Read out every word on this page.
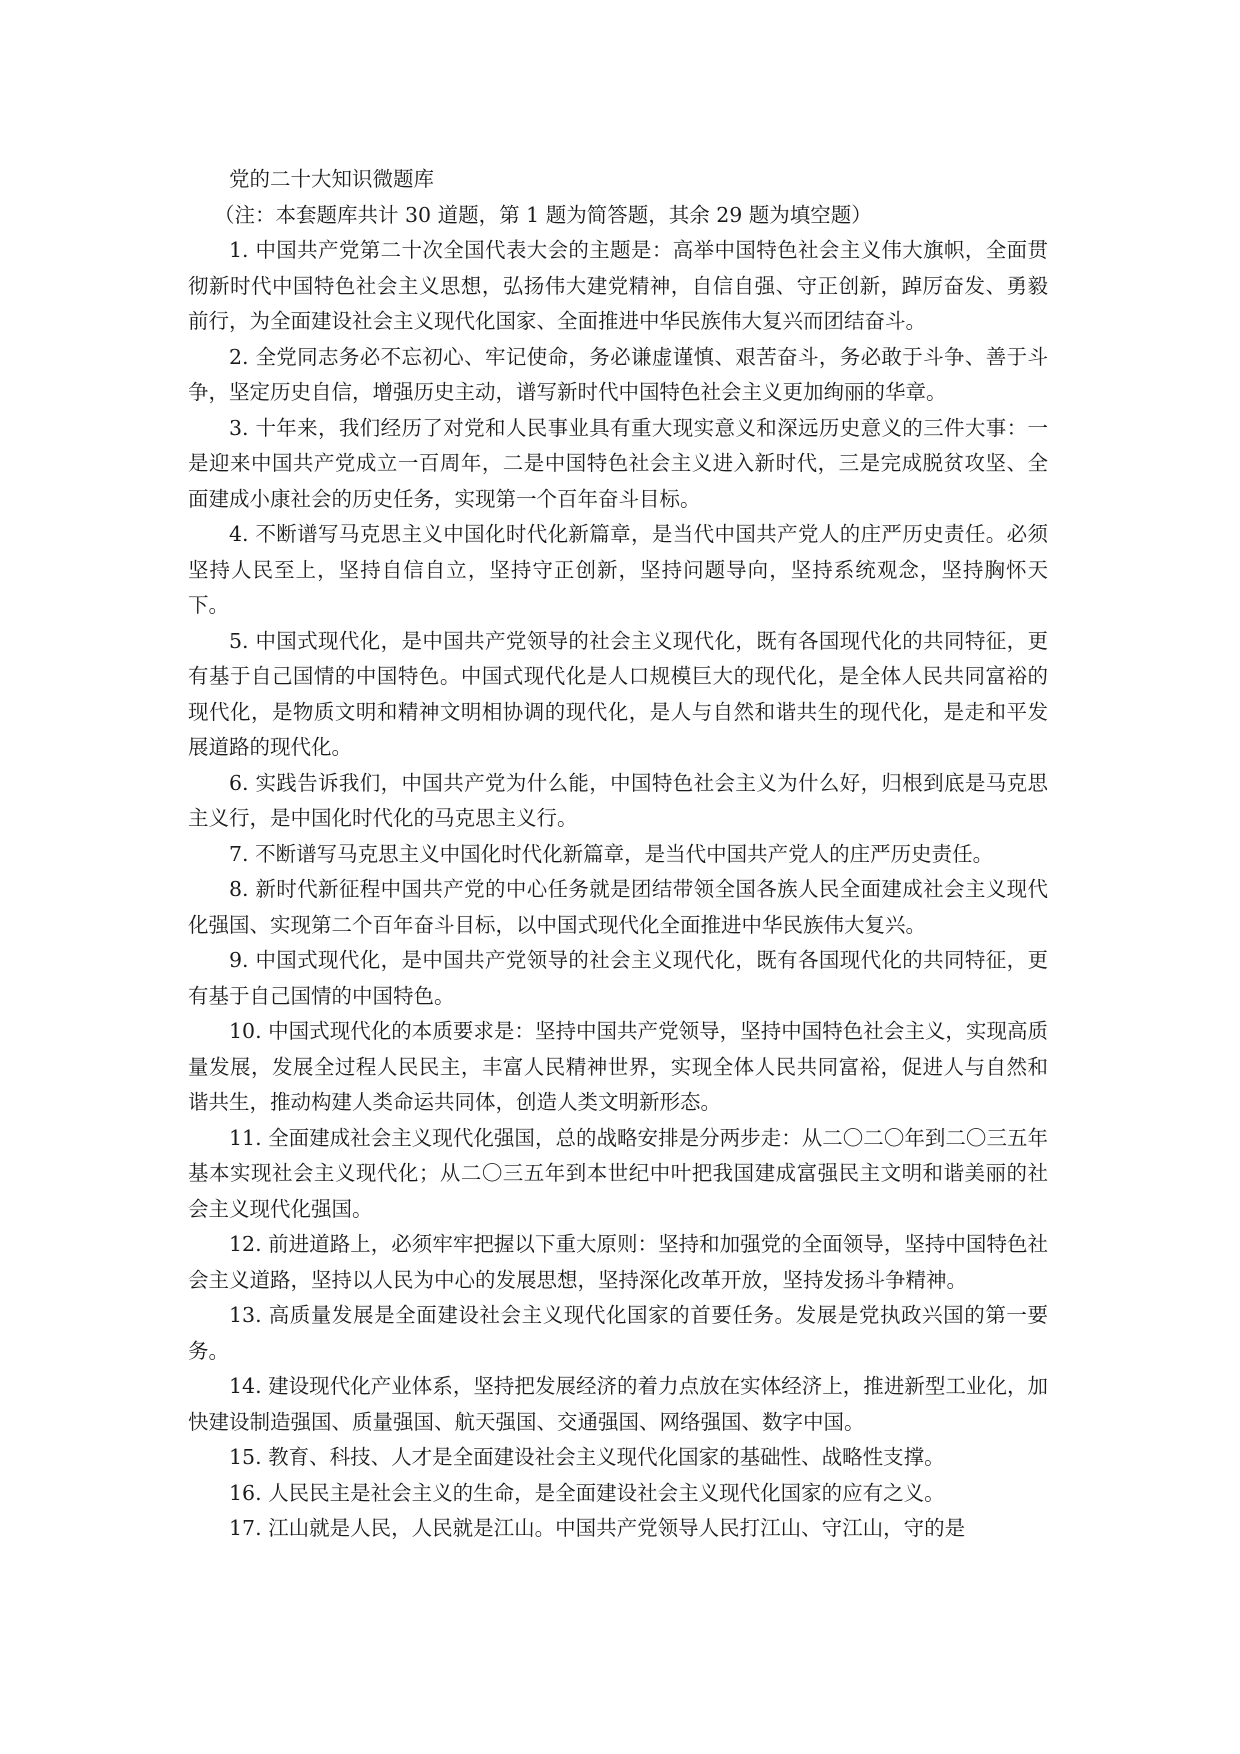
党的二十大知识微题库

（注：本套题库共计 30 道题，第 1 题为简答题，其余 29 题为填空题）

1. 中国共产党第二十次全国代表大会的主题是：高举中国特色社会主义伟大旗帜，全面贯彻新时代中国特色社会主义思想，弘扬伟大建党精神，自信自强、守正创新，踔厉奋发、勇毅前行，为全面建设社会主义现代化国家、全面推进中华民族伟大复兴而团结奋斗。

2. 全党同志务必不忘初心、牢记使命，务必谦虚谨慎、艰苦奋斗，务必敢于斗争、善于斗争，坚定历史自信，增强历史主动，谱写新时代中国特色社会主义更加绚丽的华章。

3. 十年来，我们经历了对党和人民事业具有重大现实意义和深远历史意义的三件大事：一是迎来中国共产党成立一百周年，二是中国特色社会主义进入新时代，三是完成脱贫攻坚、全面建成小康社会的历史任务，实现第一个百年奋斗目标。

4. 不断谱写马克思主义中国化时代化新篇章，是当代中国共产党人的庄严历史责任。必须坚持人民至上，坚持自信自立，坚持守正创新，坚持问题导向，坚持系统观念，坚持胸怀天下。

5. 中国式现代化，是中国共产党领导的社会主义现代化，既有各国现代化的共同特征，更有基于自己国情的中国特色。中国式现代化是人口规模巨大的现代化，是全体人民共同富裕的现代化，是物质文明和精神文明相协调的现代化，是人与自然和谐共生的现代化，是走和平发展道路的现代化。

6. 实践告诉我们，中国共产党为什么能，中国特色社会主义为什么好，归根到底是马克思主义行，是中国化时代化的马克思主义行。

7. 不断谱写马克思主义中国化时代化新篇章，是当代中国共产党人的庄严历史责任。

8. 新时代新征程中国共产党的中心任务就是团结带领全国各族人民全面建成社会主义现代化强国、实现第二个百年奋斗目标，以中国式现代化全面推进中华民族伟大复兴。

9. 中国式现代化，是中国共产党领导的社会主义现代化，既有各国现代化的共同特征，更有基于自己国情的中国特色。

10. 中国式现代化的本质要求是：坚持中国共产党领导，坚持中国特色社会主义，实现高质量发展，发展全过程人民民主，丰富人民精神世界，实现全体人民共同富裕，促进人与自然和谐共生，推动构建人类命运共同体，创造人类文明新形态。

11. 全面建成社会主义现代化强国，总的战略安排是分两步走：从二〇二〇年到二〇三五年基本实现社会主义现代化；从二〇三五年到本世纪中叶把我国建成富强民主文明和谐美丽的社会主义现代化强国。

12. 前进道路上，必须牢牢把握以下重大原则：坚持和加强党的全面领导，坚持中国特色社会主义道路，坚持以人民为中心的发展思想，坚持深化改革开放，坚持发扬斗争精神。

13. 高质量发展是全面建设社会主义现代化国家的首要任务。发展是党执政兴国的第一要务。

14. 建设现代化产业体系，坚持把发展经济的着力点放在实体经济上，推进新型工业化，加快建设制造强国、质量强国、航天强国、交通强国、网络强国、数字中国。

15. 教育、科技、人才是全面建设社会主义现代化国家的基础性、战略性支撑。

16. 人民民主是社会主义的生命，是全面建设社会主义现代化国家的应有之义。

17. 江山就是人民，人民就是江山。中国共产党领导人民打江山、守江山，守的是
